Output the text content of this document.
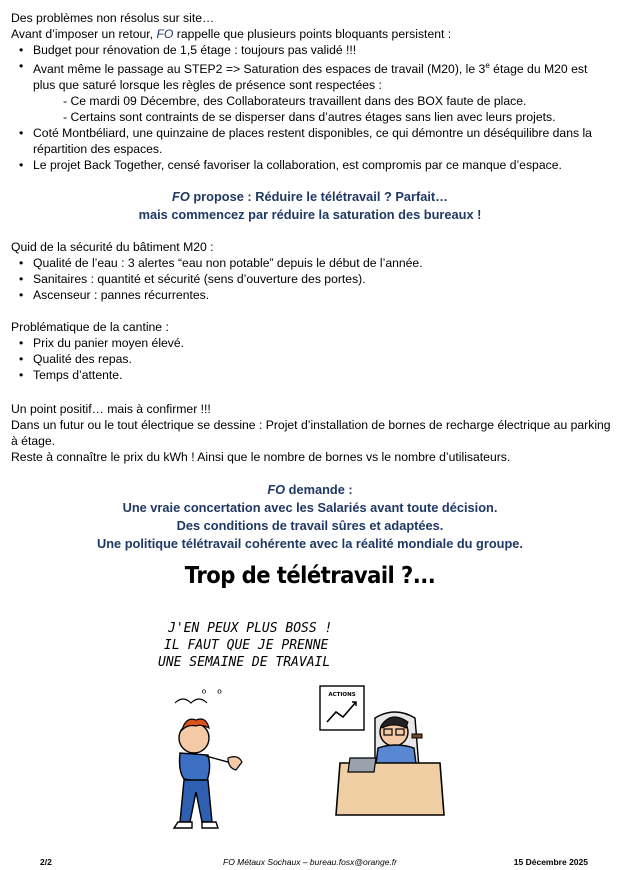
Des problèmes non résolus sur site…

Avant d’imposer un retour, FO rappelle que plusieurs points bloquants persistent :

• Budget pour rénovation de 1,5 étage : toujours pas validé !!!
• Avant même le passage au STEP2 => Saturation des espaces de travail (M20), le 3e étage du M20 est plus que saturé lorsque les règles de présence sont respectées :
- Ce mardi 09 Décembre, des Collaborateurs travaillent dans des BOX faute de place.
- Certains sont contraints de se disperser dans d’autres étages sans lien avec leurs projets.
• Coté Montbéliard, une quinzaine de places restent disponibles, ce qui démontre un déséquilibre dans la répartition des espaces.
• Le projet Back Together, censé favoriser la collaboration, est compromis par ce manque d’espace.
FO propose : Réduire le télétravail ? Parfait…
mais commencez par réduire la saturation des bureaux !

Quid de la sécurité du bâtiment M20 :

• Qualité de l’eau : 3 alertes “eau non potable” depuis le début de l’année.
• Sanitaires : quantité et sécurité (sens d’ouverture des portes).
• Ascenseur : pannes récurrentes.

Problématique de la cantine :

• Prix du panier moyen élevé.
• Qualité des repas.
• Temps d’attente.

Un point positif… mais à confirmer !!!

Dans un futur ou le tout électrique se dessine : Projet d’installation de bornes de recharge électrique au parking à étage.

Reste à connaître le prix du kWh ! Ainsi que le nombre de bornes vs le nombre d’utilisateurs.

FO demande :
Une vraie concertation avec les Salariés avant toute décision.
Des conditions de travail sûres et adaptées.
Une politique télétravail cohérente avec la réalité mondiale du groupe.
Trop de télétravail ?...
J'EN PEUX PLUS BOSS !
IL FAUT QUE JE PRENNE
UNE SEMAINE DE TRAVAIL
ACTIONS
ᵒ ᵒ
2/2	FO Métaux Sochaux – bureau.fosx@orange.fr	15 Décembre 2025
